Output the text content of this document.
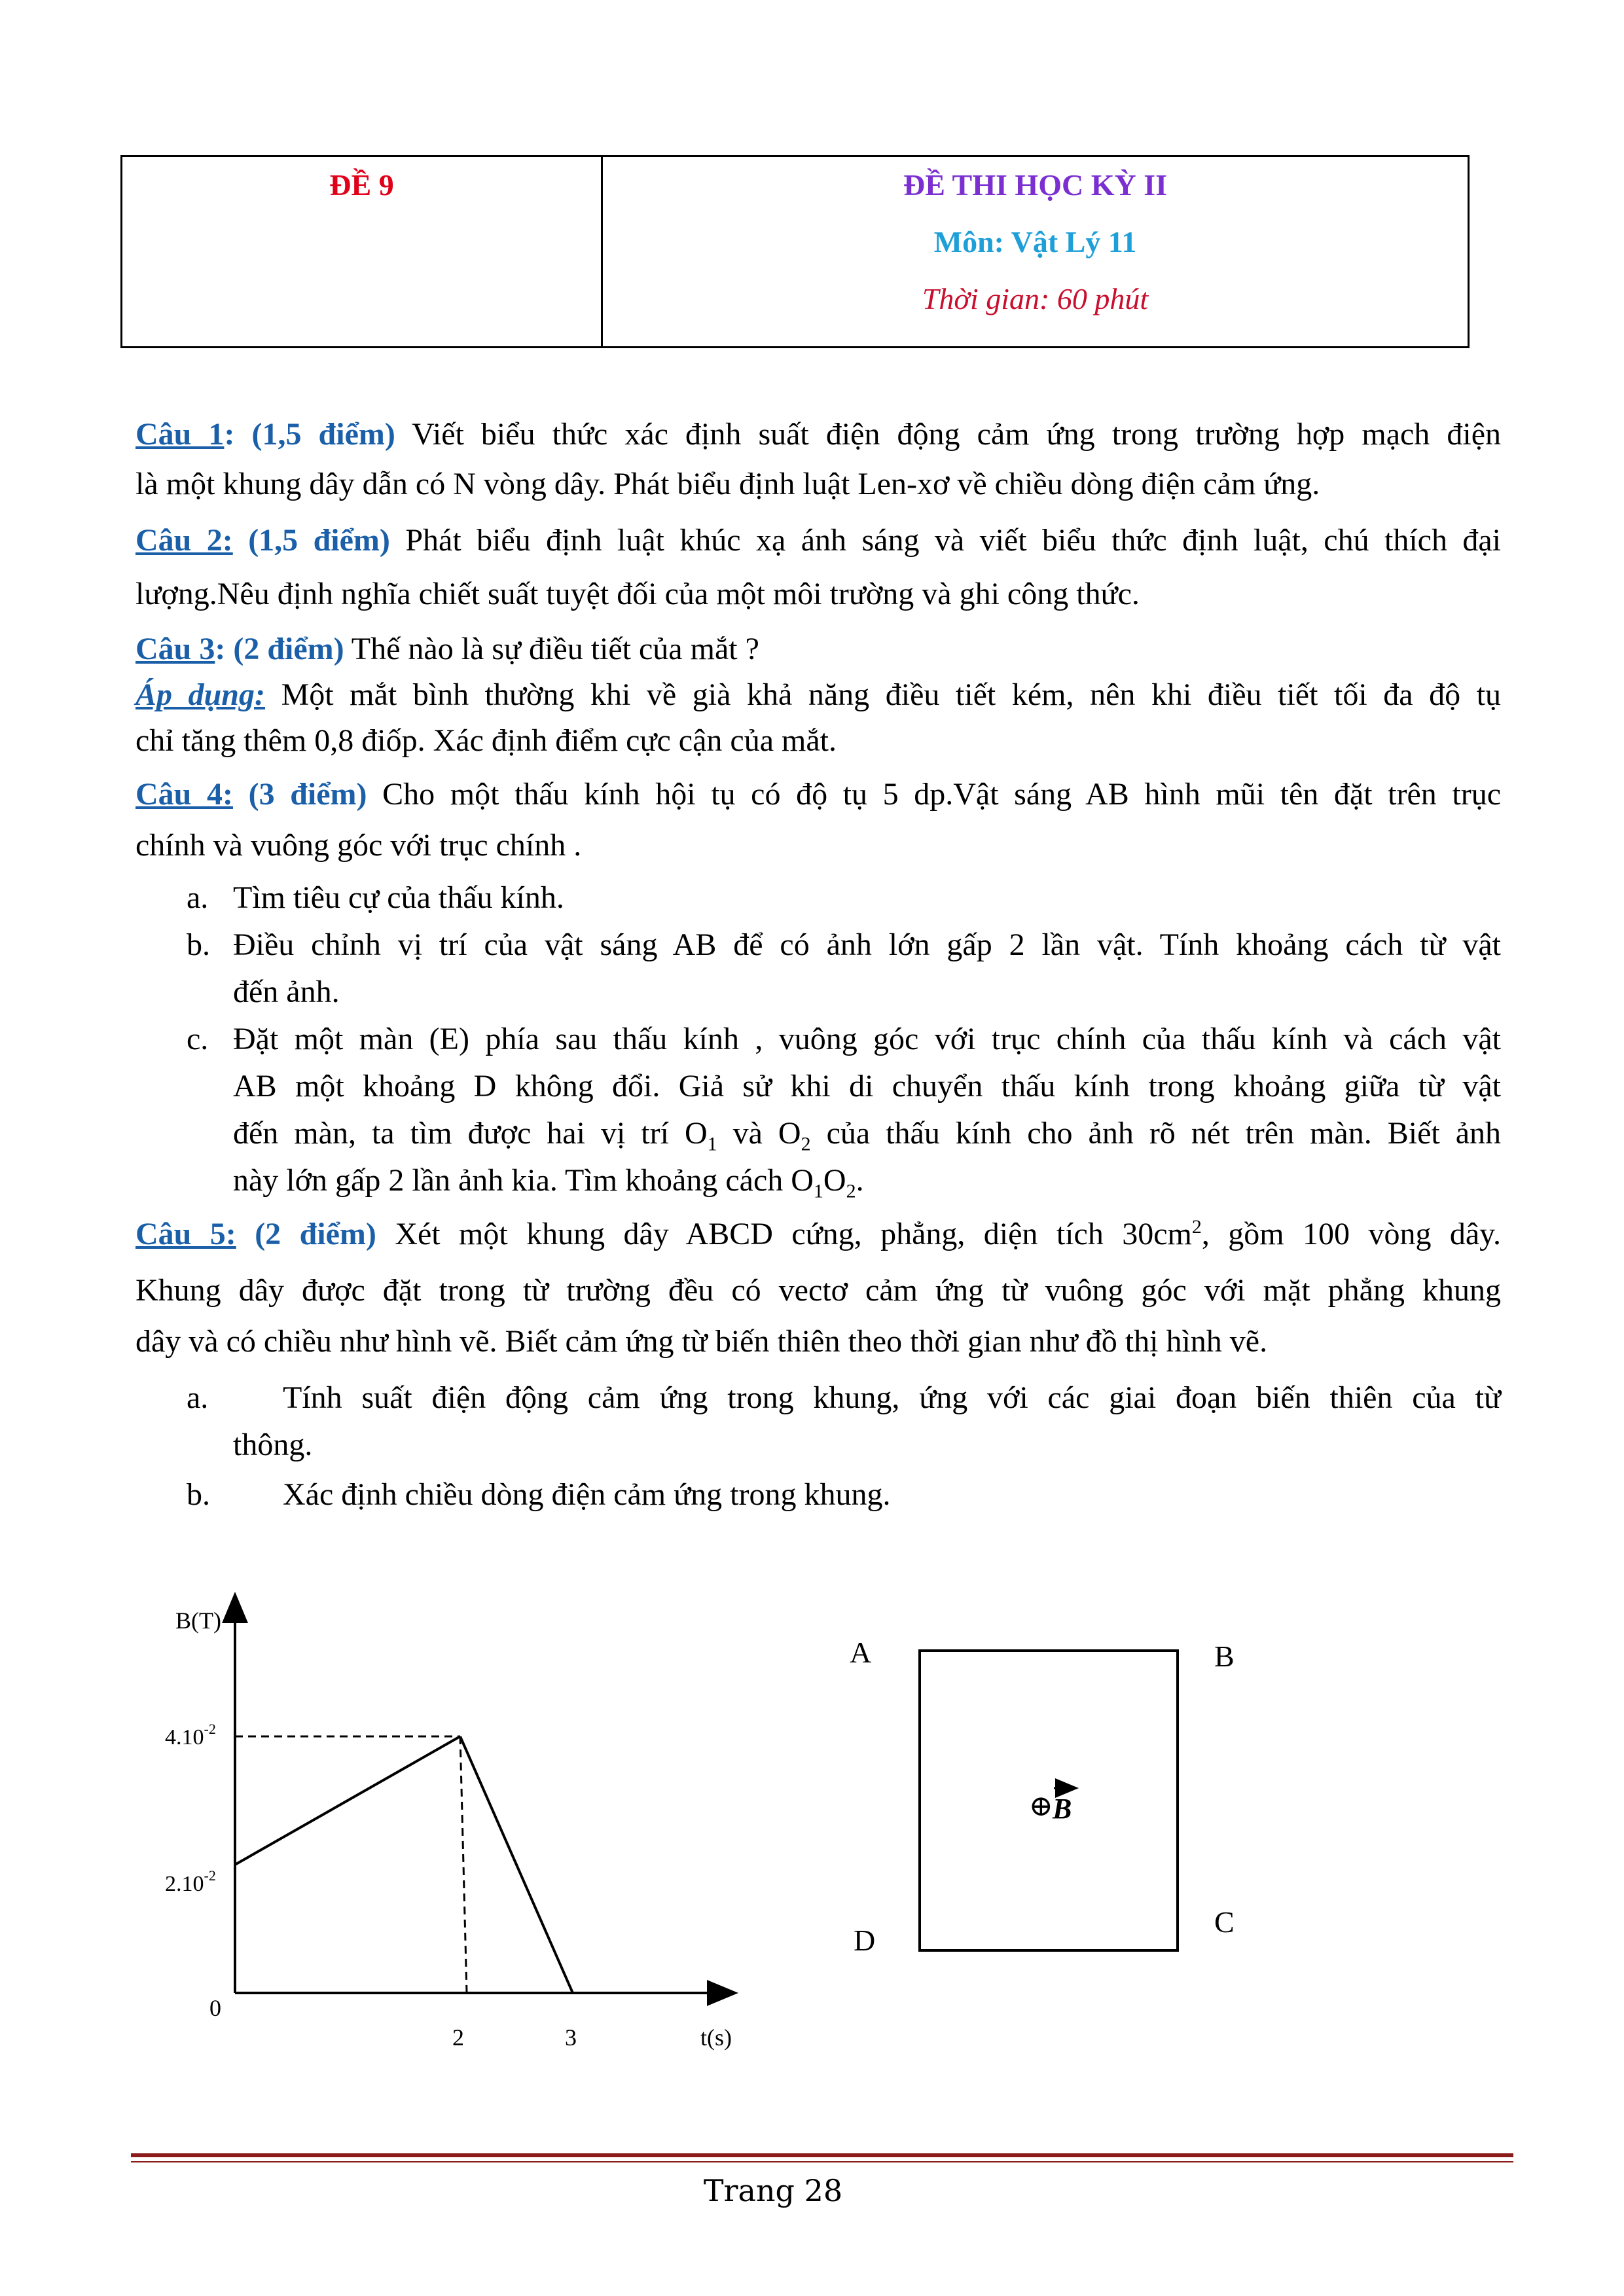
ĐỀ 9	ĐỀ THI HỌC KỲ II
Môn: Vật Lý 11
Thời gian: 60 phút
Câu 1: (1,5 điểm) Viết biểu thức xác định suất điện động cảm ứng trong trường hợp mạch điện
là một khung dây dẫn có N vòng dây. Phát biểu định luật Len-xơ về chiều dòng điện cảm ứng.
Câu 2: (1,5 điểm) Phát biểu định luật khúc xạ ánh sáng và viết biểu thức định luật, chú thích đại
lượng.Nêu định nghĩa chiết suất tuyệt đối của một môi trường và ghi công thức.
Câu 3: (2 điểm) Thế nào là sự điều tiết của mắt ?
Áp dụng: Một mắt bình thường khi về già khả năng điều tiết kém, nên khi điều tiết tối đa độ tụ
chỉ tăng thêm 0,8 điốp. Xác định điểm cực cận của mắt.
Câu 4: (3 điểm) Cho một thấu kính hội tụ có độ tụ 5 dp.Vật sáng AB hình mũi tên đặt trên trục
chính và vuông góc với trục chính .
a. Tìm tiêu cự của thấu kính.
b. Điều chỉnh vị trí của vật sáng AB để có ảnh lớn gấp 2 lần vật. Tính khoảng cách từ vật
đến ảnh.
c. Đặt một màn (E) phía sau thấu kính , vuông góc với trục chính của thấu kính và cách vật
AB một khoảng D không đổi. Giả sử khi di chuyển thấu kính trong khoảng giữa từ vật
đến màn, ta tìm được hai vị trí $O_1$ và $O_2$ của thấu kính cho ảnh rõ nét trên màn. Biết ảnh
này lớn gấp 2 lần ảnh kia. Tìm khoảng cách $O_1O_2$.
Câu 5: (2 điểm) Xét một khung dây ABCD cứng, phẳng, diện tích $30cm^2$, gồm 100 vòng dây.
Khung dây được đặt trong từ trường đều có vectơ cảm ứng từ vuông góc với mặt phẳng khung
dây và có chiều như hình vẽ. Biết cảm ứng từ biến thiên theo thời gian như đồ thị hình vẽ.
a. Tính suất điện động cảm ứng trong khung, ứng với các giai đoạn biến thiên của từ
thông.
b. Xác định chiều dòng điện cảm ứng trong khung.
B(T)
t(s)
0
$4.10^{-2}$
$2.10^{-2}$
2	3
A	B
C
D
⊕ B
Trang 28
